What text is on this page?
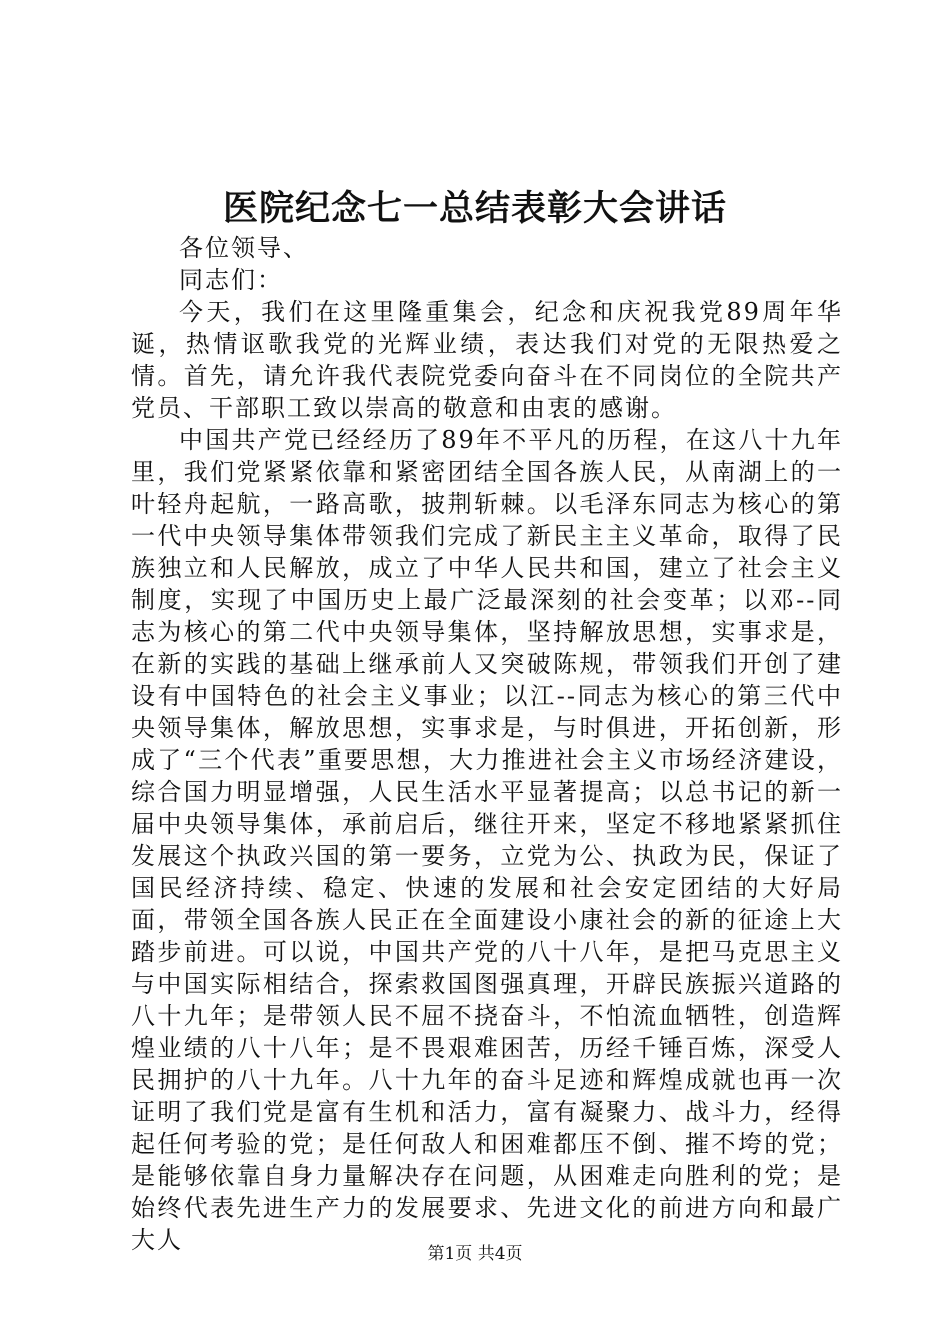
医院纪念七一总结表彰大会讲话

各位领导、

同志们：

今天，我们在这里隆重集会，纪念和庆祝我党89周年华诞，热情讴歌我党的光辉业绩，表达我们对党的无限热爱之情。首先，请允许我代表院党委向奋斗在不同岗位的全院共产党员、干部职工致以崇高的敬意和由衷的感谢。

中国共产党已经经历了89年不平凡的历程，在这八十九年里，我们党紧紧依靠和紧密团结全国各族人民，从南湖上的一叶轻舟起航，一路高歌，披荆斩棘。以毛泽东同志为核心的第一代中央领导集体带领我们完成了新民主主义革命，取得了民族独立和人民解放，成立了中华人民共和国，建立了社会主义制度，实现了中国历史上最广泛最深刻的社会变革；以邓--同志为核心的第二代中央领导集体，坚持解放思想，实事求是，在新的实践的基础上继承前人又突破陈规，带领我们开创了建设有中国特色的社会主义事业；以江--同志为核心的第三代中央领导集体，解放思想，实事求是，与时俱进，开拓创新，形成了“三个代表”重要思想，大力推进社会主义市场经济建设，综合国力明显增强，人民生活水平显著提高；以总书记的新一届中央领导集体，承前启后，继往开来，坚定不移地紧紧抓住发展这个执政兴国的第一要务，立党为公、执政为民，保证了国民经济持续、稳定、快速的发展和社会安定团结的大好局面，带领全国各族人民正在全面建设小康社会的新的征途上大踏步前进。可以说，中国共产党的八十八年，是把马克思主义与中国实际相结合，探索救国图强真理，开辟民族振兴道路的八十九年；是带领人民不屈不挠奋斗，不怕流血牺牲，创造辉煌业绩的八十八年；是不畏艰难困苦，历经千锤百炼，深受人民拥护的八十九年。八十九年的奋斗足迹和辉煌成就也再一次证明了我们党是富有生机和活力，富有凝聚力、战斗力，经得起任何考验的党；是任何敌人和困难都压不倒、摧不垮的党；是能够依靠自身力量解决存在问题，从困难走向胜利的党；是始终代表先进生产力的发展要求、先进文化的前进方向和最广大人	第1页 共4页
